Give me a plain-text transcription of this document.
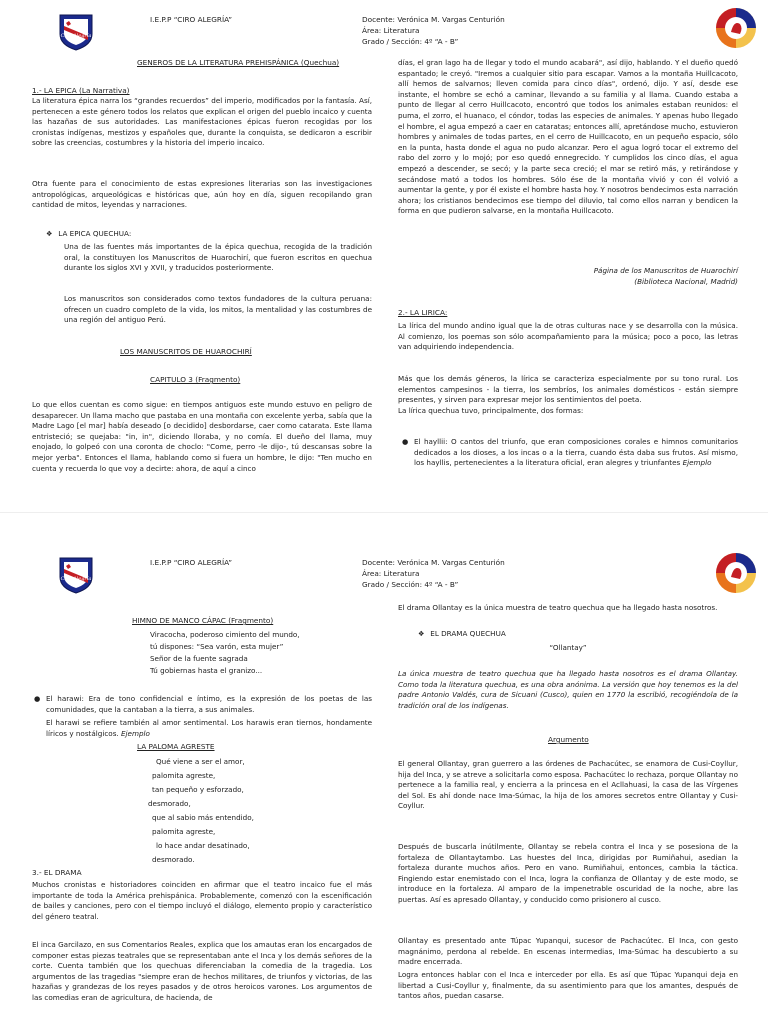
Ciro Alegría

I.E.P.P “CIRO ALEGRÍA”	Docente: Verónica M. Vargas Centurión

Área: Literatura

Grado / Sección: 4º “A - B”

GENEROS DE LA LITERATURA PREHISPÁNICA (Quechua)

1.- LA EPICA (La Narrativa)

La literatura épica narra los “grandes recuerdos” del imperio, modificados por la fantasía. Así, pertenecen a este género todos los relatos que explican el origen del pueblo incaico y cuenta las hazañas de sus autoridades. Las manifestaciones épicas fueron recogidas por los cronistas indígenas, mestizos y españoles que, durante la conquista, se dedicaron a escribir sobre las creencias, costumbres y la historia del imperio incaico.

Otra fuente para el conocimiento de estas expresiones literarias son las investigaciones antropológicas, arqueológicas e históricas que, aún hoy en día, siguen recopilando gran cantidad de mitos, leyendas y narraciones.

❖ LA EPICA QUECHUA:

Una de las fuentes más importantes de la épica quechua, recogida de la tradición oral, la constituyen los Manuscritos de Huarochirí, que fueron escritos en quechua durante los siglos XVI y XVII, y traducidos posteriormente.

Los manuscritos son considerados como textos fundadores de la cultura peruana: ofrecen un cuadro completo de la vida, los mitos, la mentalidad y las costumbres de una región del antiguo Perú.

LOS MANUSCRITOS DE HUAROCHIRÍ

CAPITULO 3 (Fragmento)

Lo que ellos cuentan es como sigue: en tiempos antiguos este mundo estuvo en peligro de desaparecer. Un llama macho que pastaba en una montaña con excelente yerba, sabía que la Madre Lago [el mar] había deseado [o decidido] desbordarse, caer como catarata. Este llama entristeció; se quejaba: "in, in", diciendo lloraba, y no comía. El dueño del llama, muy enojado, lo golpeó con una coronta de choclo: "Come, perro -le dijo-, tú descansas sobre la mejor yerba". Entonces el llama, hablando como si fuera un hombre, le dijo: "Ten mucho en cuenta y recuerda lo que voy a decirte: ahora, de aquí a cinco

días, el gran lago ha de llegar y todo el mundo acabará", así dijo, hablando. Y el dueño quedó espantado; le creyó. "Iremos a cualquier sitio para escapar. Vamos a la montaña Huillcacoto, allí hemos de salvarnos; lleven comida para cinco días", ordenó, dijo. Y así, desde ese instante, el hombre se echó a caminar, llevando a su familia y al llama. Cuando estaba a punto de llegar al cerro Huillcacoto, encontró que todos los animales estaban reunidos: el puma, el zorro, el huanaco, el cóndor, todas las especies de animales. Y apenas hubo llegado el hombre, el agua empezó a caer en cataratas; entonces allí, apretándose mucho, estuvieron hombres y animales de todas partes, en el cerro de Huillcacoto, en un pequeño espacio, sólo en la punta, hasta donde el agua no pudo alcanzar. Pero el agua logró tocar el extremo del rabo del zorro y lo mojó; por eso quedó ennegrecido. Y cumplidos los cinco días, el agua empezó a descender, se secó; y la parte seca creció; el mar se retiró más, y retirándose y secándose mató a todos los hombres. Sólo ése de la montaña vivió y con él volvió a aumentar la gente, y por él existe el hombre hasta hoy. Y nosotros bendecimos esta narración ahora; los cristianos bendecimos ese tiempo del diluvio, tal como ellos narran y bendicen la forma en que pudieron salvarse, en la montaña Huillcacoto.

Página de los Manuscritos de Huarochirí

(Biblioteca Nacional, Madrid)

2.- LA LIRICA:

La lírica del mundo andino igual que la de otras culturas nace y se desarrolla con la música. Al comienzo, los poemas son sólo acompañamiento para la música; poco a poco, las letras van adquiriendo independencia.

Más que los demás géneros, la lírica se caracteriza especialmente por su tono rural. Los elementos campesinos - la tierra, los sembríos, los animales domésticos - están siempre presentes, y sirven para expresar mejor los sentimientos del poeta.

La lírica quechua tuvo, principalmente, dos formas:

● El hayllii: O cantos del triunfo, que eran composiciones corales e himnos comunitarios dedicados a los dioses, a los incas o a la tierra, cuando ésta daba sus frutos. Así mismo, los hayllis, pertenecientes a la literatura oficial, eran alegres y triunfantes Ejemplo

Ciro Alegría

I.E.P.P “CIRO ALEGRÍA”	Docente: Verónica M. Vargas Centurión

Área: Literatura

Grado / Sección: 4º “A - B”

HIMNO DE MANCO CÁPAC (Fragmento)

Viracocha, poderoso cimiento del mundo,

tú dispones: “Sea varón, esta mujer”

Señor de la fuente sagrada

Tú gobiernas hasta el granizo...

● El harawi: Era de tono confidencial e íntimo, es la expresión de los poetas de las comunidades, que la cantaban a la tierra, a sus animales.

El harawi se refiere también al amor sentimental. Los harawis eran tiernos, hondamente líricos y nostálgicos. Ejemplo

LA PALOMA AGRESTE

Qué viene a ser el amor,

palomita agreste,

tan pequeño y esforzado,

desmorado,

que al sabio más entendido,

palomita agreste,

lo hace andar desatinado,

desmorado.

3.- EL DRAMA

Muchos cronistas e historiadores coinciden en afirmar que el teatro incaico fue el más importante de toda la América prehispánica. Probablemente, comenzó con la escenificación de bailes y canciones, pero con el tiempo incluyó el diálogo, elemento propio y característico del género teatral.

El inca Garcilazo, en sus Comentarios Reales, explica que los amautas eran los encargados de componer estas piezas teatrales que se representaban ante el Inca y los demás señores de la corte. Cuenta también que los quechuas diferenciaban la comedia de la tragedia. Los argumentos de las tragedias "siempre eran de hechos militares, de triunfos y victorias, de las hazañas y grandezas de los reyes pasados y de otros heroicos varones. Los argumentos de las comedias eran de agricultura, de hacienda, de

El drama Ollantay es la única muestra de teatro quechua que ha llegado hasta nosotros.

❖ EL DRAMA QUECHUA

“Ollantay”

La única muestra de teatro quechua que ha llegado hasta nosotros es el drama Ollantay. Como toda la literatura quechua, es una obra anónima. La versión que hoy tenemos es la del padre Antonio Valdés, cura de Sicuani (Cusco), quien en 1770 la escribió, recogiéndola de la tradición oral de los indígenas.

Argumento

El general Ollantay, gran guerrero a las órdenes de Pachacútec, se enamora de Cusi-Coyllur, hija del Inca, y se atreve a solicitarla como esposa. Pachacútec lo rechaza, porque Ollantay no pertenece a la familia real, y encierra a la princesa en el Acllahuasi, la casa de las Vírgenes del Sol. Es ahí donde nace Ima-Súmac, la hija de los amores secretos entre Ollantay y Cusi-Coyllur.

Después de buscarla inútilmente, Ollantay se rebela contra el Inca y se posesiona de la fortaleza de Ollantaytambo. Las huestes del Inca, dirigidas por Rumiñahui, asedian la fortaleza durante muchos años. Pero en vano. Rumiñahui, entonces, cambia la táctica. Fingiendo estar enemistado con el Inca, logra la confianza de Ollantay y de este modo, se introduce en la fortaleza. Al amparo de la impenetrable oscuridad de la noche, abre las puertas. Así es apresado Ollantay, y conducido como prisionero al cusco.

Ollantay es presentado ante Túpac Yupanqui, sucesor de Pachacútec. El Inca, con gesto magnánimo, perdona al rebelde. En escenas intermedias, Ima-Súmac ha descubierto a su madre encerrada.

Logra entonces hablar con el Inca e interceder por ella. Es así que Túpac Yupanqui deja en libertad a Cusi-Coyllur y, finalmente, da su asentimiento para que los amantes, después de tantos años, puedan casarse.
